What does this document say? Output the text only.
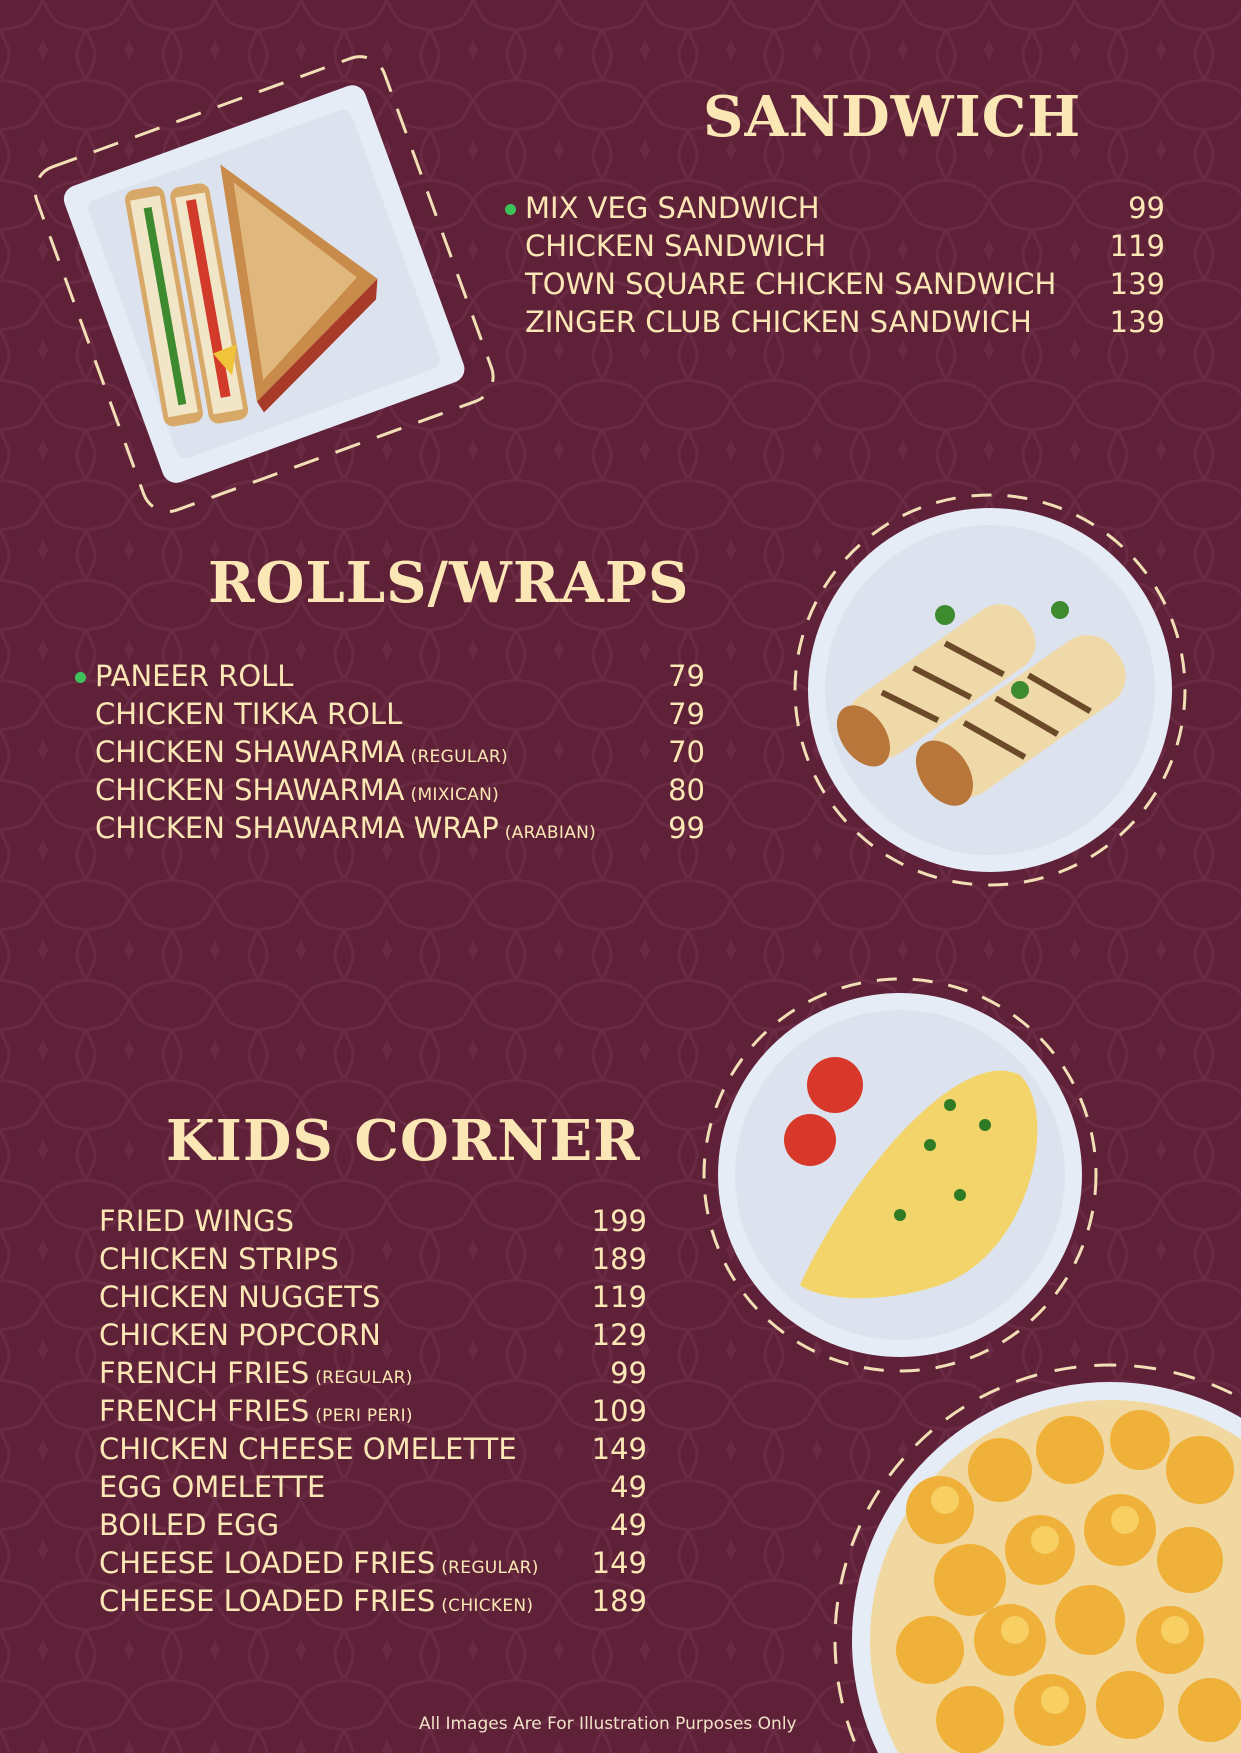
SANDWICH
MIX VEG SANDWICH	99
CHICKEN SANDWICH	119
TOWN SQUARE CHICKEN SANDWICH 139
ZINGER CLUB CHICKEN SANDWICH	139
ROLLS/WRAPS
PANEER ROLL	79
CHICKEN TIKKA ROLL	79
CHICKEN SHAWARMA (REGULAR)	70
CHICKEN SHAWARMA (MIXICAN)	80
CHICKEN SHAWARMA WRAP (ARABIAN) 99
KIDS CORNER
FRIED WINGS	199
CHICKEN STRIPS	189
CHICKEN NUGGETS	119
CHICKEN POPCORN	129
FRENCH FRIES (REGULAR)	99
FRENCH FRIES (PERI PERI)	109
CHICKEN CHEESE OMELETTE	149
EGG OMELETTE	49
BOILED EGG	49
CHEESE LOADED FRIES (REGULAR) 149
CHEESE LOADED FRIES (CHICKEN) 189

All Images Are For Illustration Purposes Only
